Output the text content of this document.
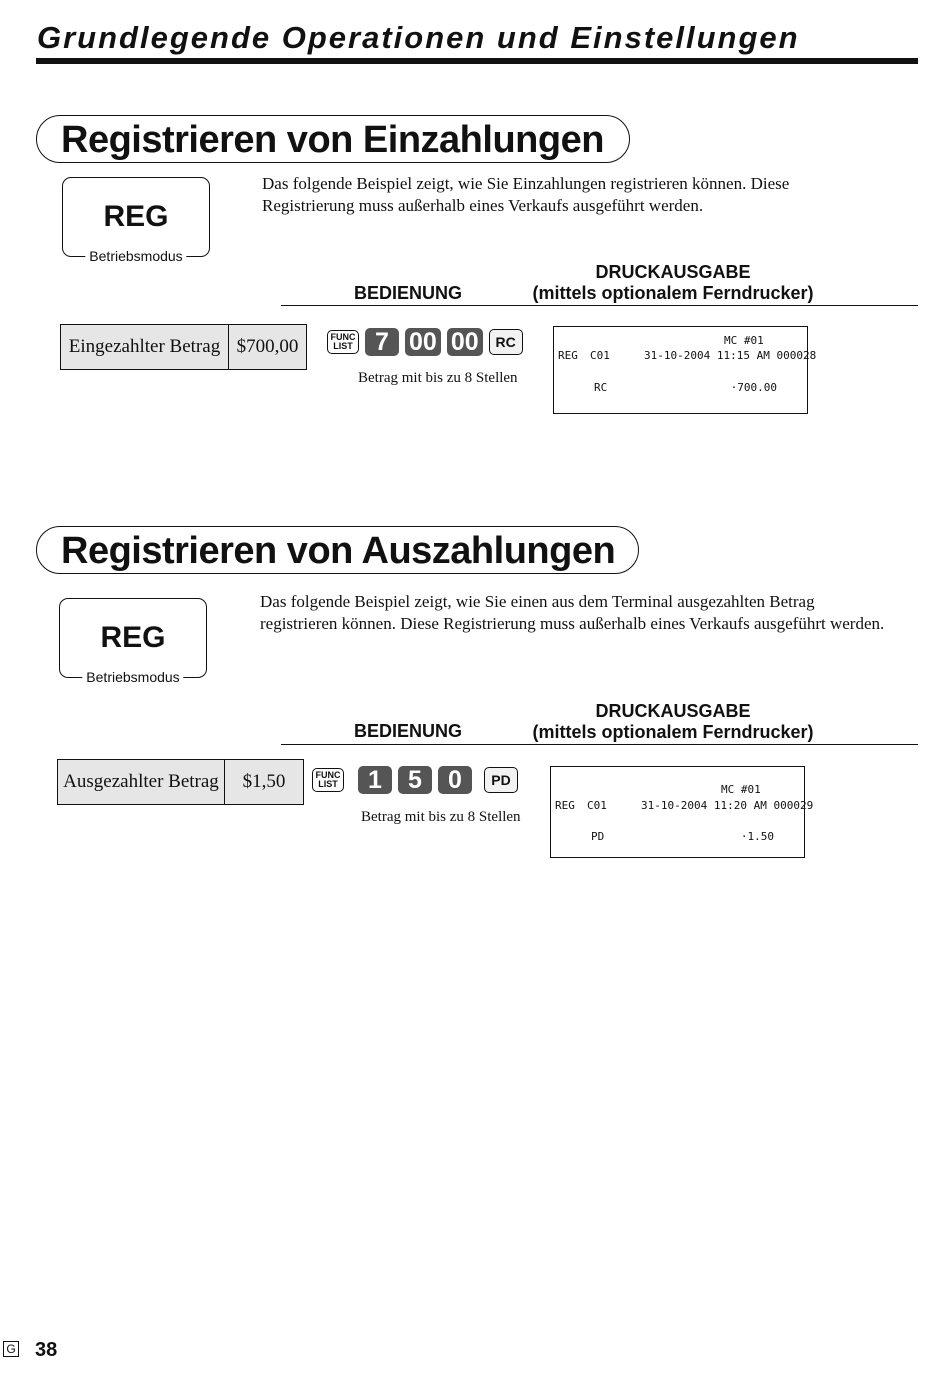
Grundlegende Operationen und Einstellungen
Registrieren von Einzahlungen
REG
Betriebsmodus
Das folgende Beispiel zeigt, wie Sie Einzahlungen registrieren können. Diese Registrierung muss außerhalb eines Verkaufs ausgeführt werden.
BEDIENUNG
DRUCKAUSGABE
(mittels optionalem Ferndrucker)
Eingezahlter Betrag $700,00	FUNC
LIST 7 00 00	RC
Betrag mit bis zu 8 Stellen
MC #01
REG C01	31-10-2004 11:15 AM 000028
RC	·700.00
Registrieren von Auszahlungen
REG
Betriebsmodus
Das folgende Beispiel zeigt, wie Sie einen aus dem Terminal ausgezahlten Betrag registrieren können. Diese Registrierung muss außerhalb eines Verkaufs ausgeführt werden.
BEDIENUNG
DRUCKAUSGABE
(mittels optionalem Ferndrucker)
Ausgezahlter Betrag	$1,50	FUNC
LIST	1	5	0	PD
Betrag mit bis zu 8 Stellen
MC #01
REG C01	31-10-2004 11:20 AM 000029
PD	·1.50
G 38
